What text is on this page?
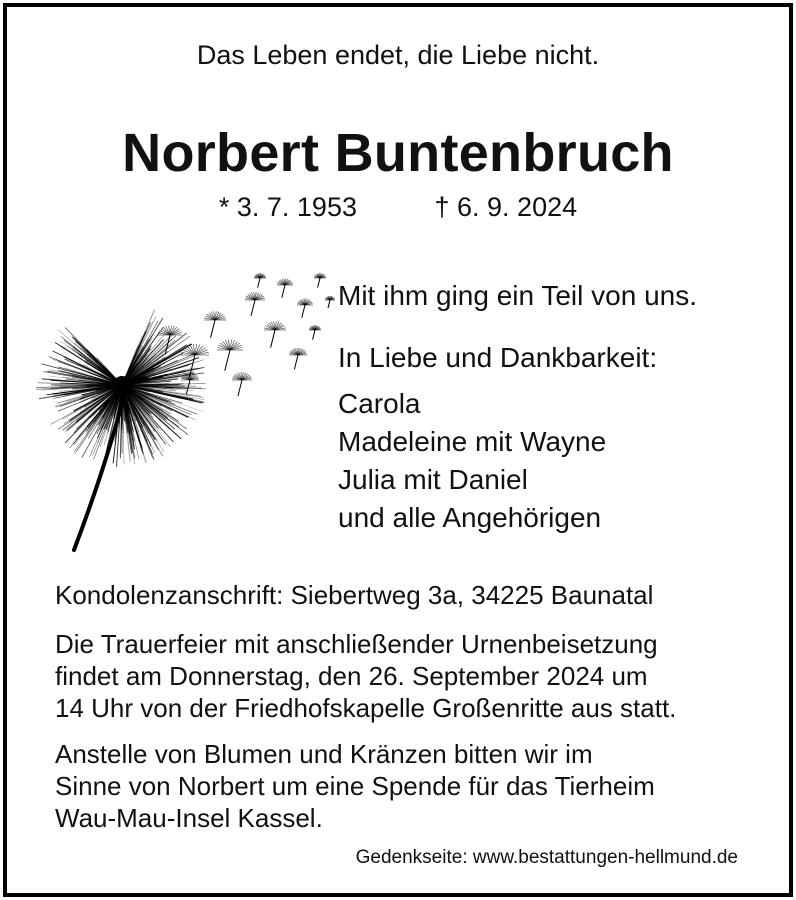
Das Leben endet, die Liebe nicht.
Norbert Buntenbruch
* 3. 7. 1953	† 6. 9. 2024
Mit ihm ging ein Teil von uns.
In Liebe und Dankbarkeit:
Carola
Madeleine mit Wayne
Julia mit Daniel
und alle Angehörigen
Kondolenzanschrift: Siebertweg 3a, 34225 Baunatal
Die Trauerfeier mit anschließender Urnenbeisetzung
findet am Donnerstag, den 26. September 2024 um
14 Uhr von der Friedhofskapelle Großenritte aus statt.
Anstelle von Blumen und Kränzen bitten wir im
Sinne von Norbert um eine Spende für das Tierheim
Wau-Mau-Insel Kassel.
Gedenkseite: www.bestattungen-hellmund.de
